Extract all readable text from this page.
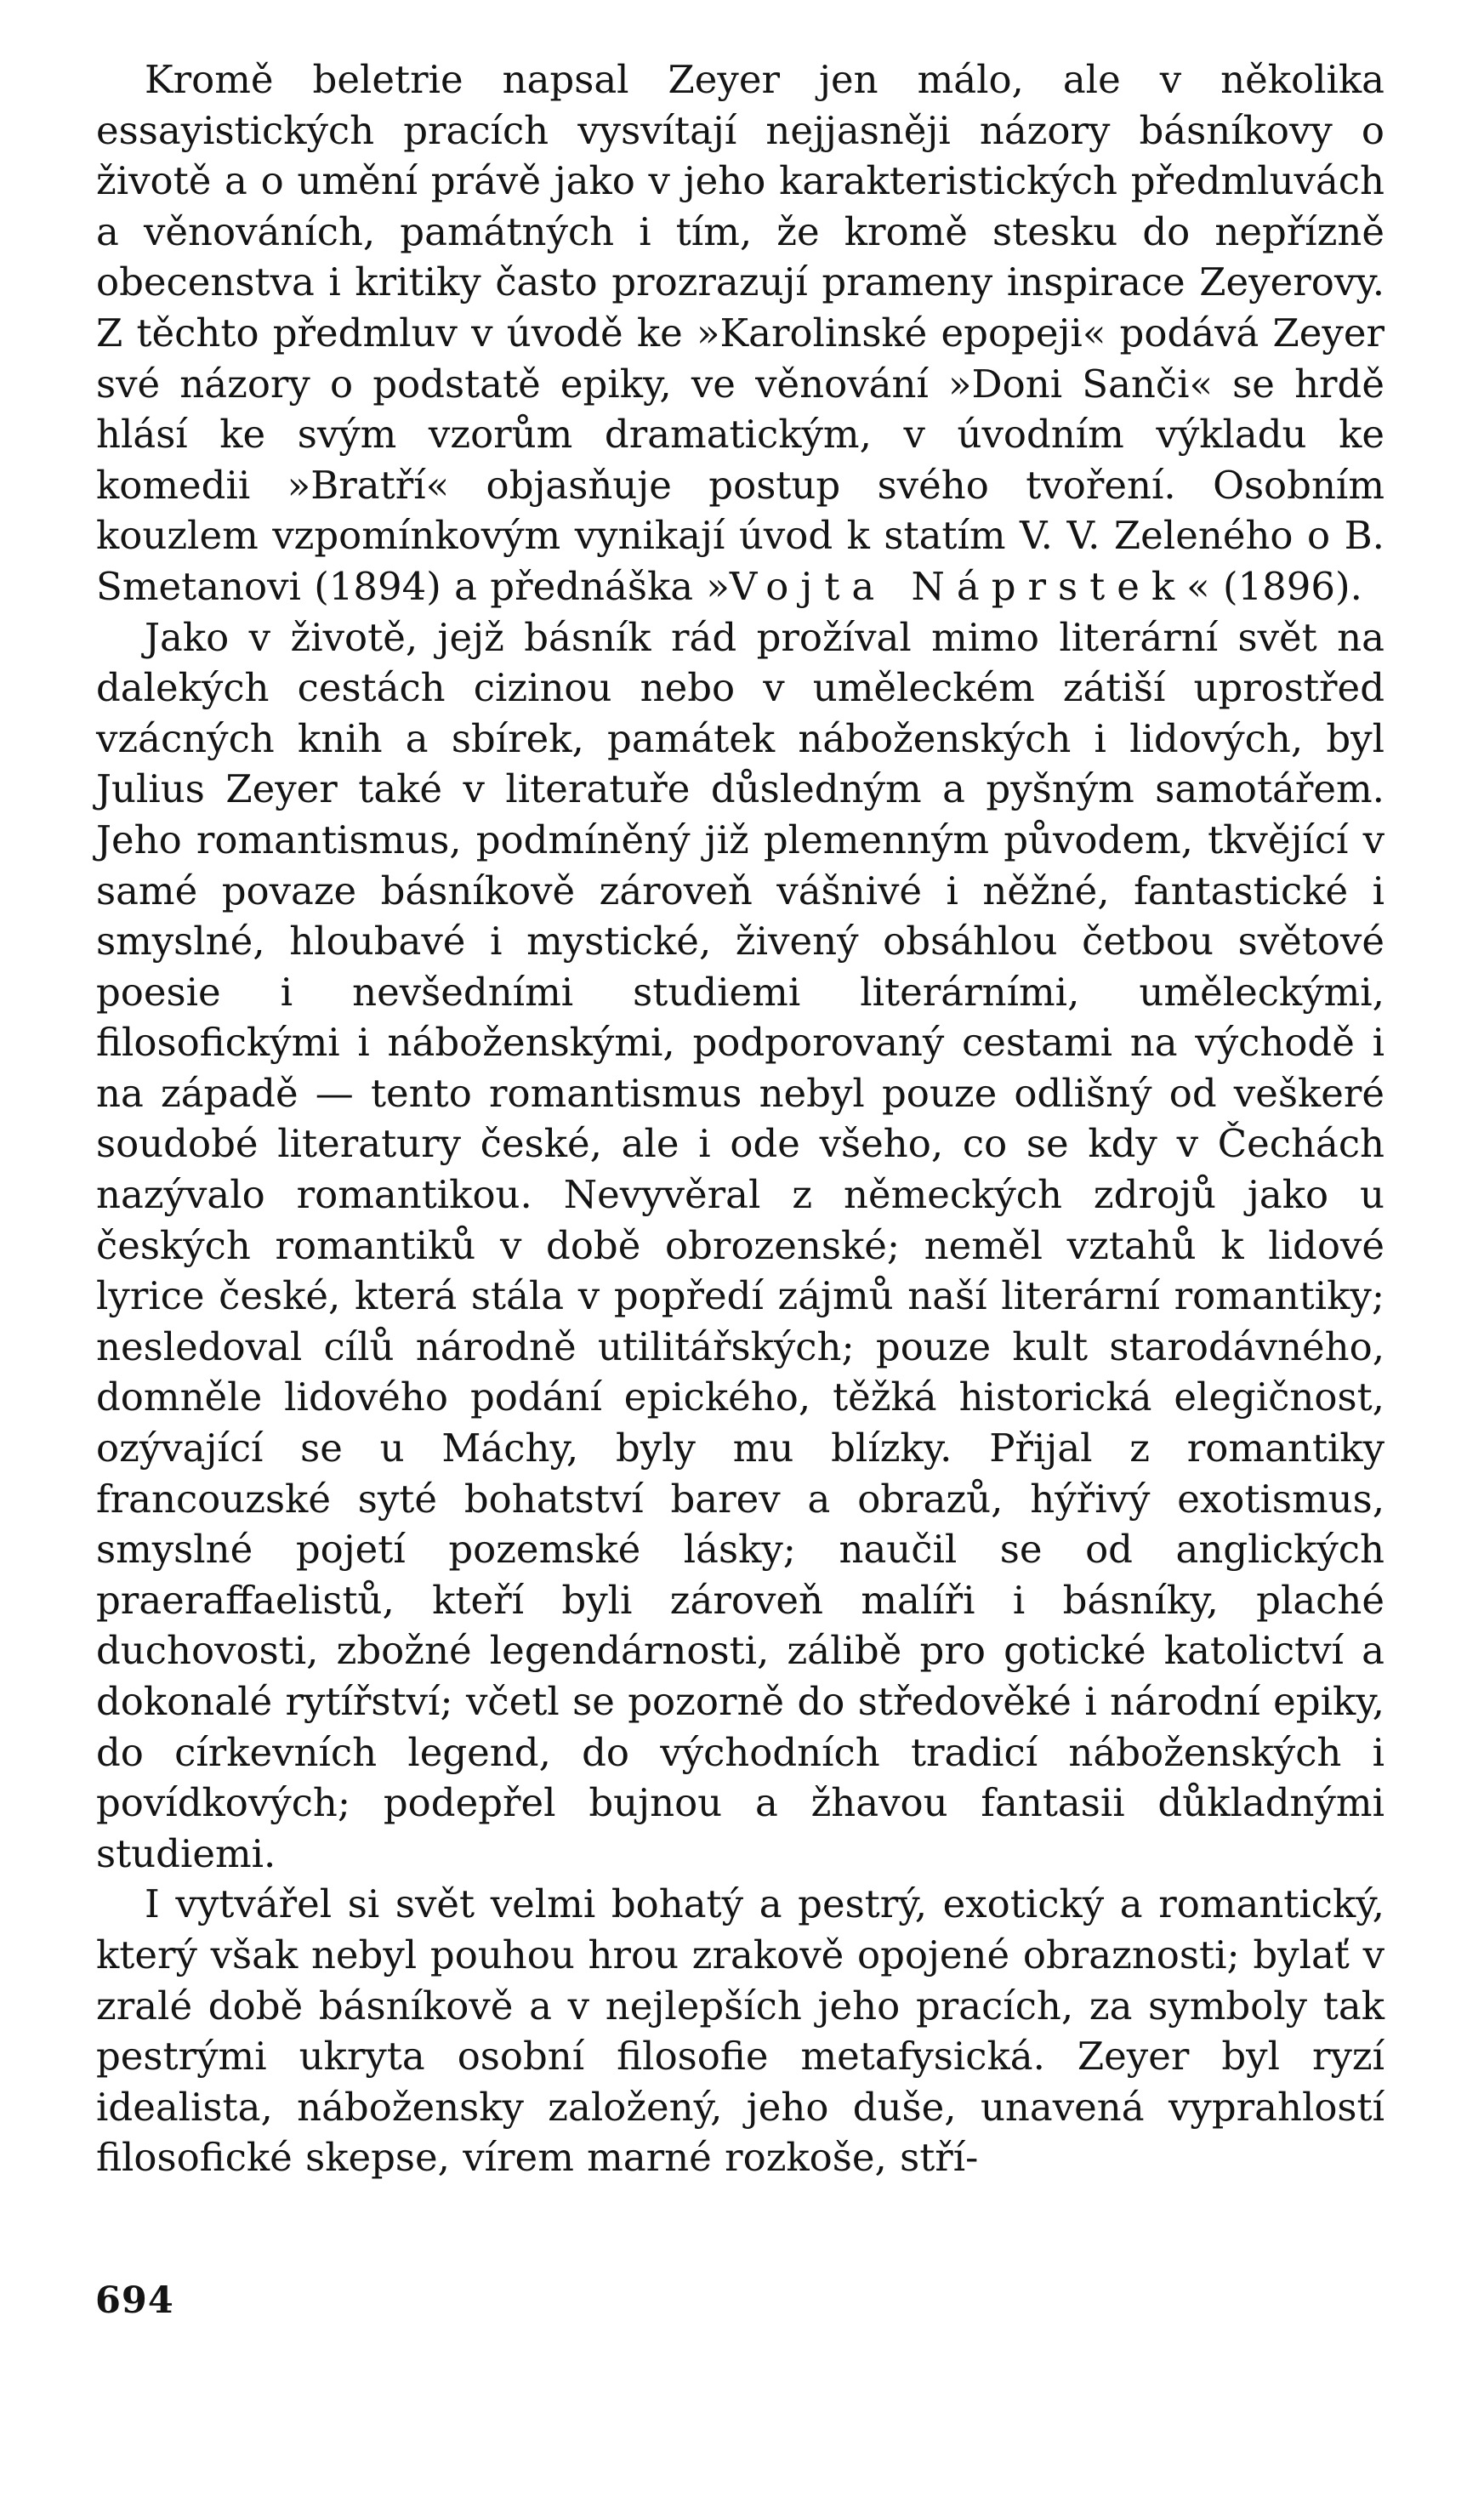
Kromě beletrie napsal Zeyer jen málo, ale v několika essayistických pracích vysvítají nejjasněji názory básníkovy o životě a o umění právě jako v jeho karakteristických předmluvách a věnováních, památných i tím, že kromě stesku do nepřízně obecenstva i kritiky často prozrazují prameny inspirace Zeyerovy. Z těchto předmluv v úvodě ke »Karolinské epopeji« podává Zeyer své názory o podstatě epiky, ve věnování »Doni Sanči« se hrdě hlásí ke svým vzorům dramatickým, v úvodním výkladu ke komedii »Bratří« objasňuje postup svého tvoření. Osobním kouzlem vzpomínkovým vynikají úvod k statím V. V. Zeleného o B. Smetanovi (1894) a přednáška »Vojta Náprstek« (1896).

Jako v životě, jejž básník rád prožíval mimo literární svět na dalekých cestách cizinou nebo v uměleckém zátiší uprostřed vzácných knih a sbírek, památek náboženských i lidových, byl Julius Zeyer také v literatuře důsledným a pyšným samotářem. Jeho romantismus, podmíněný již plemenným původem, tkvějící v samé povaze básníkově zároveň vášnivé i něžné, fantastické i smyslné, hloubavé i mystické, živený obsáhlou četbou světové poesie i nevšedními studiemi literárními, uměleckými, filosofickými i náboženskými, podporovaný cestami na východě i na západě — tento romantismus nebyl pouze odlišný od veškeré soudobé literatury české, ale i ode všeho, co se kdy v Čechách nazývalo romantikou. Nevyvěral z německých zdrojů jako u českých romantiků v době obrozenské; neměl vztahů k lidové lyrice české, která stála v popředí zájmů naší literární romantiky; nesledoval cílů národně utilitářských; pouze kult starodávného, domněle lidového podání epického, těžká historická elegičnost, ozývající se u Máchy, byly mu blízky. Přijal z romantiky francouzské syté bohatství barev a obrazů, hýřivý exotismus, smyslné pojetí pozemské lásky; naučil se od anglických praeraffaelistů, kteří byli zároveň malíři i básníky, plaché duchovosti, zbožné legendárnosti, zálibě pro gotické katolictví a dokonalé rytířství; včetl se pozorně do středověké i národní epiky, do církevních legend, do východních tradicí náboženských i povídkových; podepřel bujnou a žhavou fantasii důkladnými studiemi.

I vytvářel si svět velmi bohatý a pestrý, exotický a romantický, který však nebyl pouhou hrou zrakově opojené obraznosti; bylať v zralé době básníkově a v nejlepších jeho pracích, za symboly tak pestrými ukryta osobní filosofie metafysická. Zeyer byl ryzí idealista, nábožensky založený, jeho duše, unavená vyprahlostí filosofické skepse, vírem marné rozkoše, stří-

694
